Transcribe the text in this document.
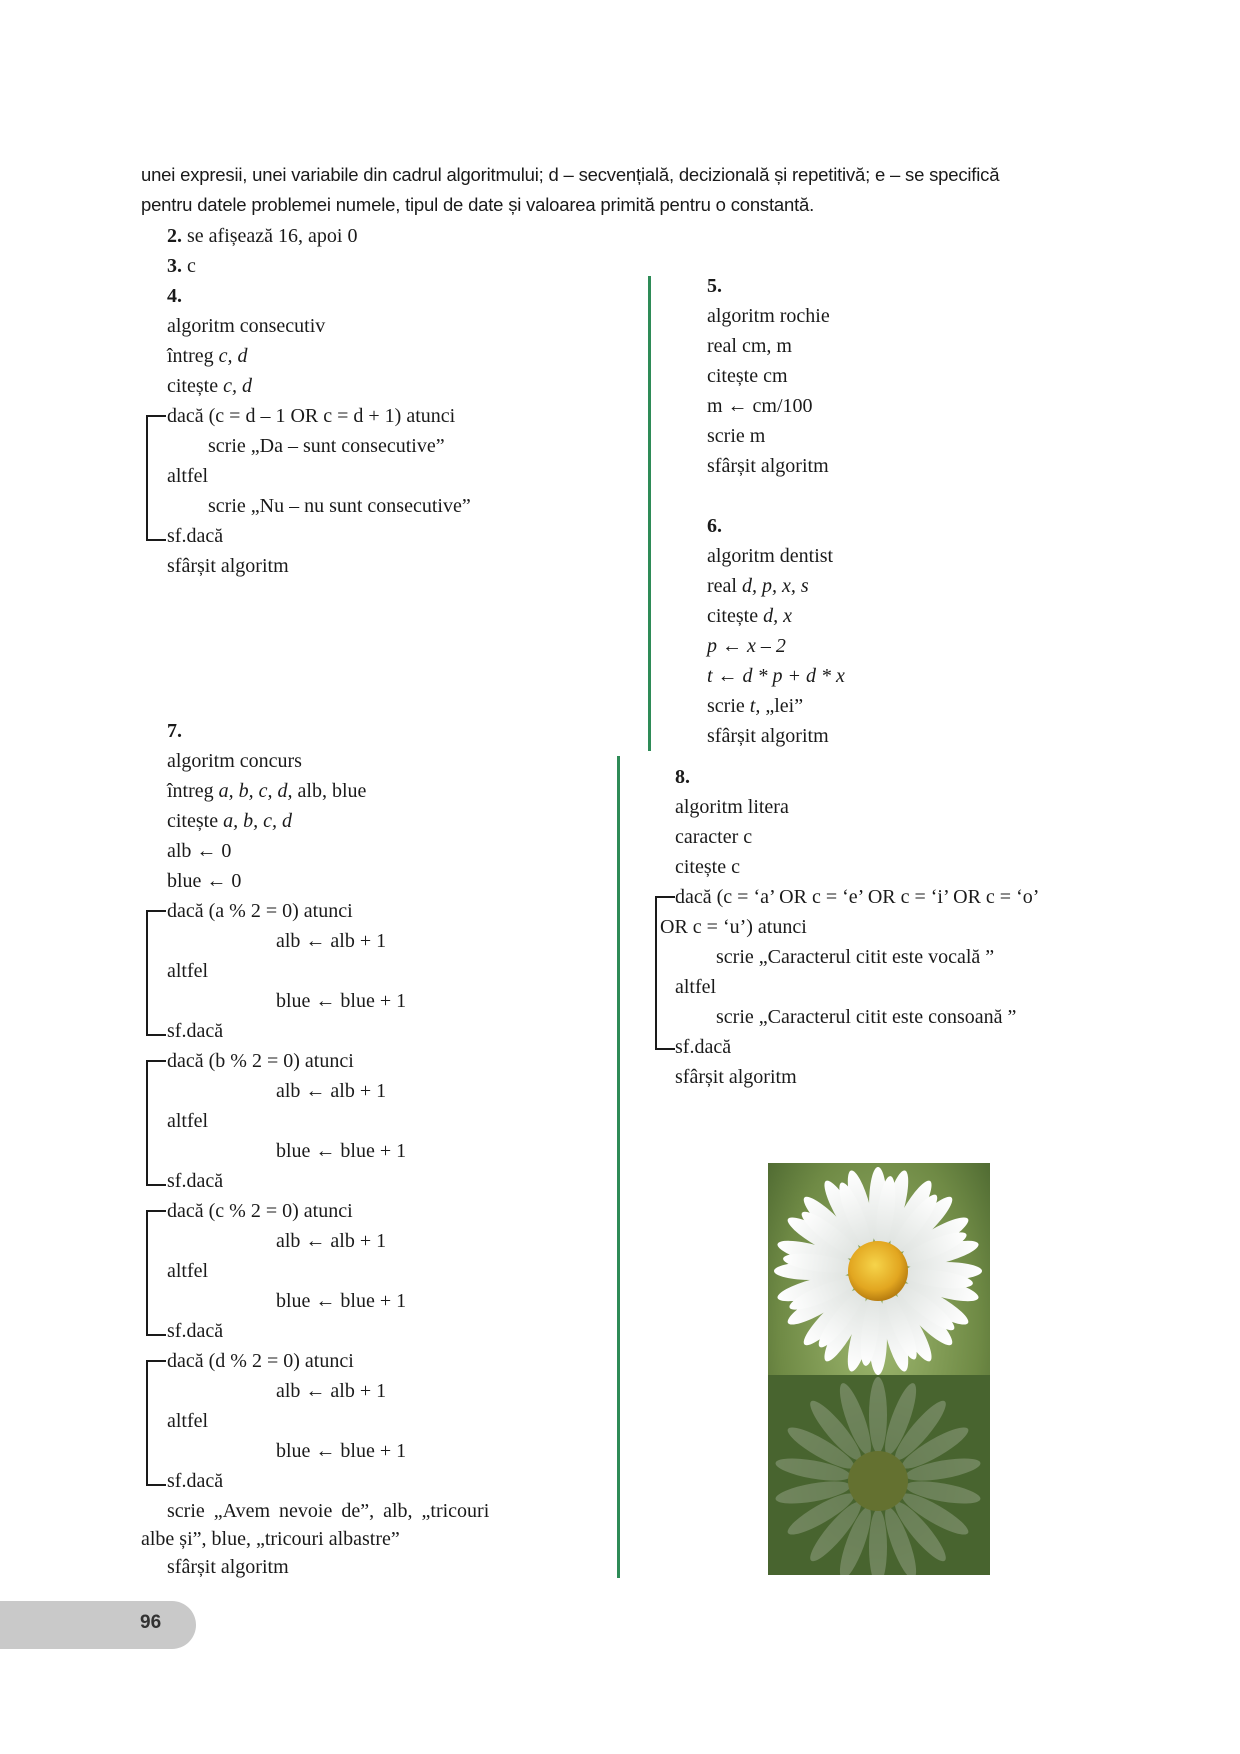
unei expresii, unei variabile din cadrul algoritmului; d – secvențială, decizională și repetitivă; e – se specifică
pentru datele problemei numele, tipul de date și valoarea primită pentru o constantă.
2. se afișează 16, apoi 0
3. c
4.
algoritm consecutiv
întreg c, d
citește c, d
dacă (c = d – 1 OR c = d + 1) atunci
scrie „Da – sunt consecutive”
altfel
scrie „Nu – nu sunt consecutive”
sf.dacă
sfârșit algoritm
5.
algoritm rochie
real cm, m
citește cm
m ← cm/100
scrie m
sfârșit algoritm
6.
algoritm dentist
real d, p, x, s
citește d, x
p ← x – 2
t ← d * p + d * x
scrie t, „lei”
sfârșit algoritm
7.
algoritm concurs
întreg a, b, c, d, alb, blue
citește a, b, c, d
alb ← 0
blue ← 0
dacă (a % 2 = 0) atunci
alb ← alb + 1
altfel
blue ← blue + 1
sf.dacă
dacă (b % 2 = 0) atunci
alb ← alb + 1
altfel
blue ← blue + 1
sf.dacă
dacă (c % 2 = 0) atunci
alb ← alb + 1
altfel
blue ← blue + 1
sf.dacă
dacă (d % 2 = 0) atunci
alb ← alb + 1
altfel
blue ← blue + 1
sf.dacă
scrie „Avem nevoie de”, alb, „tricouri
albe și”, blue, „tricouri albastre”
sfârșit algoritm
8.
algoritm litera
caracter c
citește c
dacă (c = ‘a’ OR c = ‘e’ OR c = ‘i’ OR c = ‘o’
OR c = ‘u’) atunci
scrie „Caracterul citit este vocală ”
altfel
scrie „Caracterul citit este consoană ”
sf.dacă
sfârșit algoritm
96
